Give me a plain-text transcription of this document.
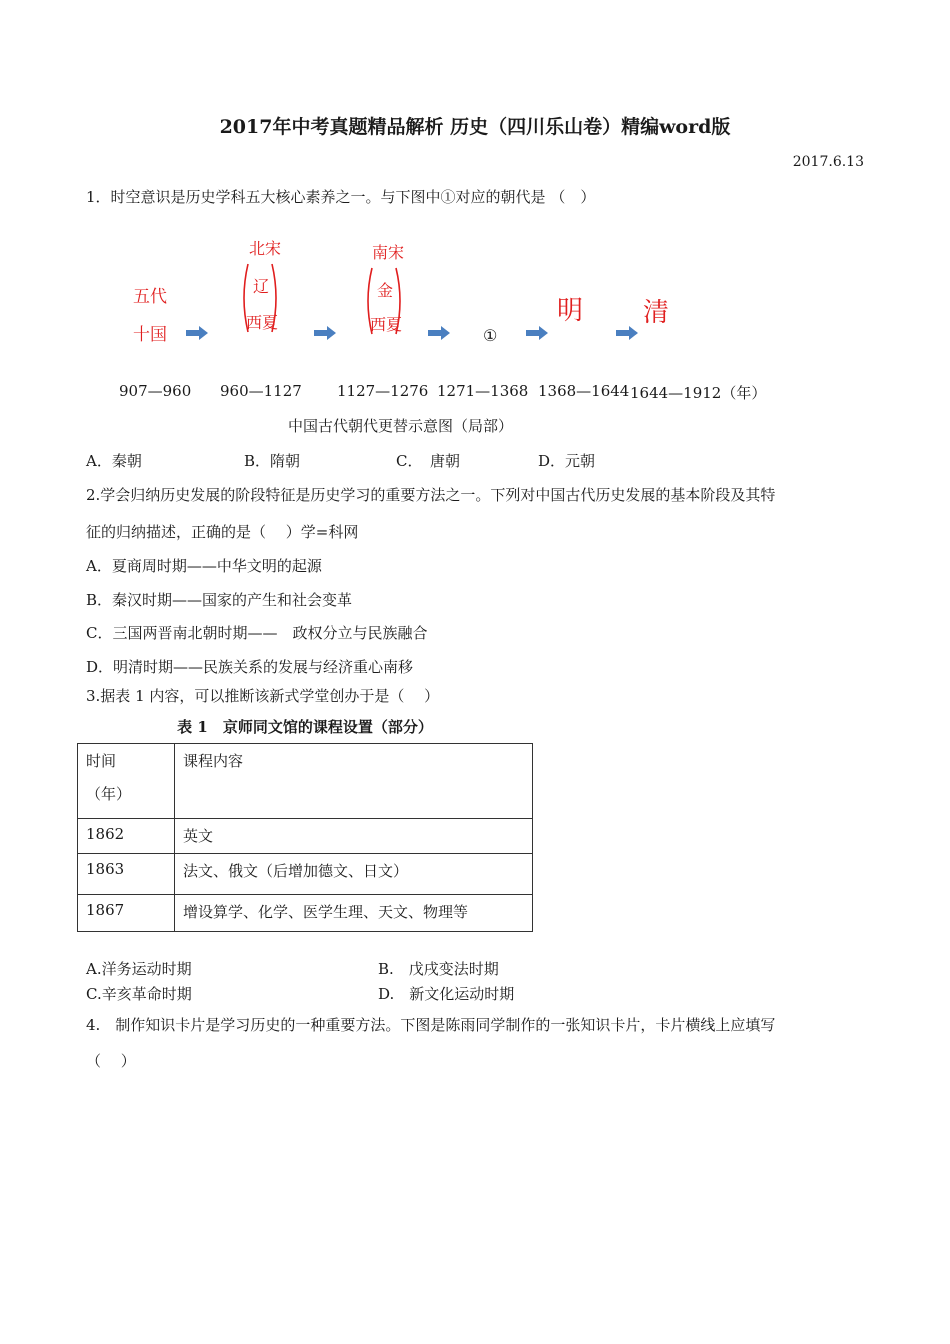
2017年中考真题精品解析 历史（四川乐山卷）精编word版
2017.6.13
1．时空意识是历史学科五大核心素养之一。与下图中①对应的朝代是 （　）
五代
十国
北宋
辽
西夏
南宋
金
西夏
①
明 清
907—960 960—1127 1127—1276 1271—1368 1368—1644 1644—1912（年）
中国古代朝代更替示意图（局部）
A．秦朝	B．隋朝	C．　唐朝	D．元朝
2.学会归纳历史发展的阶段特征是历史学习的重要方法之一。下列对中国古代历史发展的基本阶段及其特
征的归纳描述，正确的是（　 ）学=科网
A．夏商周时期——中华文明的起源
B．秦汉时期——国家的产生和社会变革
C．三国两晋南北朝时期——　政权分立与民族融合
D．明清时期——民族关系的发展与经济重心南移
3.据表 1 内容，可以推断该新式学堂创办于是（　 ）
表 1　京师同文馆的课程设置（部分）
时间
（年）	课程内容
1862	英文
1863	法文、俄文（后增加德文、日文）
1867	增设算学、化学、医学生理、天文、物理等
A.洋务运动时期	B.　戊戌变法时期
C.辛亥革命时期	D.　新文化运动时期
4.　制作知识卡片是学习历史的一种重要方法。下图是陈雨同学制作的一张知识卡片，卡片横线上应填写
（　 ）
